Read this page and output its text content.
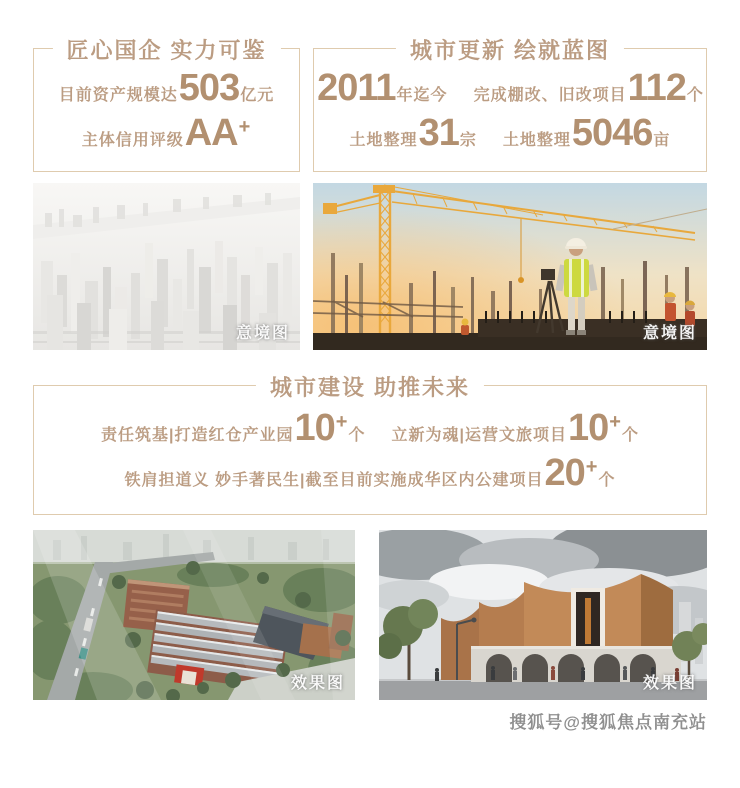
匠心国企 实力可鉴
目前资产规模达 503 亿元
主体信用评级 AA +
城市更新 绘就蓝图
2011 年迄今 完成棚改、旧改项目 112 个
土地整理 31 宗 土地整理 5046 亩
意境图	意境图
城市建设 助推未来
责任筑基|打造红仓产业园 10 +
个 立新为魂|运营文旅项目 10 +
个
铁肩担道义 妙手著民生|截至目前实施成华区内公建项目 20 +
个
效果图	效果图
搜狐号@搜狐焦点南充站
